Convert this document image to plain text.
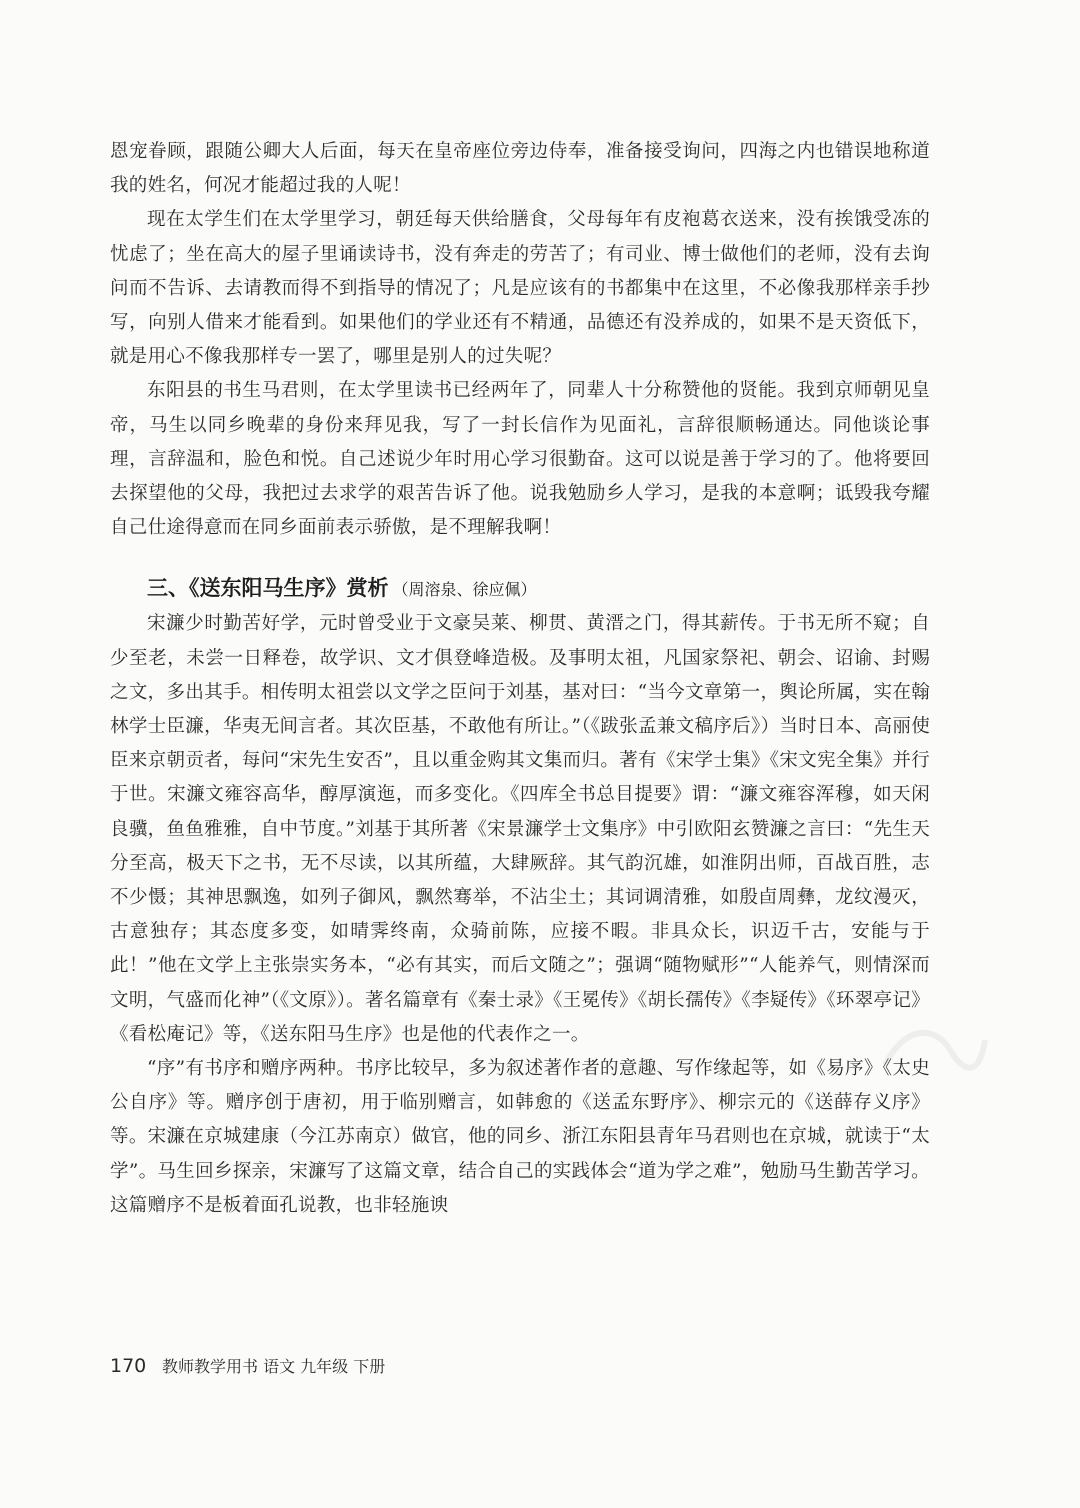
恩宠眷顾，跟随公卿大人后面，每天在皇帝座位旁边侍奉，准备接受询问，四海之内也错误地称道我的姓名，何况才能超过我的人呢！

现在太学生们在太学里学习，朝廷每天供给膳食，父母每年有皮袍葛衣送来，没有挨饿受冻的忧虑了；坐在高大的屋子里诵读诗书，没有奔走的劳苦了；有司业、博士做他们的老师，没有去询问而不告诉、去请教而得不到指导的情况了；凡是应该有的书都集中在这里，不必像我那样亲手抄写，向别人借来才能看到。如果他们的学业还有不精通，品德还有没养成的，如果不是天资低下，就是用心不像我那样专一罢了，哪里是别人的过失呢？

东阳县的书生马君则，在太学里读书已经两年了，同辈人十分称赞他的贤能。我到京师朝见皇帝，马生以同乡晚辈的身份来拜见我，写了一封长信作为见面礼，言辞很顺畅通达。同他谈论事理，言辞温和，脸色和悦。自己述说少年时用心学习很勤奋。这可以说是善于学习的了。他将要回去探望他的父母，我把过去求学的艰苦告诉了他。说我勉励乡人学习，是我的本意啊；诋毁我夸耀自己仕途得意而在同乡面前表示骄傲，是不理解我啊！

三、《送东阳马生序》赏析 （周溶泉、徐应佩）

宋濂少时勤苦好学，元时曾受业于文豪吴莱、柳贯、黄溍之门，得其薪传。于书无所不窥；自少至老，未尝一日释卷，故学识、文才俱登峰造极。及事明太祖，凡国家祭祀、朝会、诏谕、封赐之文，多出其手。相传明太祖尝以文学之臣问于刘基，基对曰：“当今文章第一，舆论所属，实在翰林学士臣濂，华夷无间言者。其次臣基，不敢他有所让。”（《跋张孟兼文稿序后》）当时日本、高丽使臣来京朝贡者，每问“宋先生安否”，且以重金购其文集而归。著有《宋学士集》《宋文宪全集》并行于世。宋濂文雍容高华，醇厚演迤，而多变化。《四库全书总目提要》谓：“濂文雍容浑穆，如天闲良骥，鱼鱼雅雅，自中节度。”刘基于其所著《宋景濂学士文集序》中引欧阳玄赞濂之言曰：“先生天分至高，极天下之书，无不尽读，以其所蕴，大肆厥辞。其气韵沉雄，如淮阴出师，百战百胜，志不少慑；其神思飘逸，如列子御风，飘然骞举，不沾尘土；其词调清雅，如殷卣周彝，龙纹漫灭，古意独存；其态度多变，如晴霁终南，众骑前陈，应接不暇。非具众长，识迈千古，安能与于此！”他在文学上主张崇实务本，“必有其实，而后文随之”；强调“随物赋形”“人能养气，则情深而文明，气盛而化神”（《文原》）。著名篇章有《秦士录》《王冕传》《胡长孺传》《李疑传》《环翠亭记》《看松庵记》等，《送东阳马生序》也是他的代表作之一。

“序”有书序和赠序两种。书序比较早，多为叙述著作者的意趣、写作缘起等，如《易序》《太史公自序》等。赠序创于唐初，用于临别赠言，如韩愈的《送孟东野序》、柳宗元的《送薛存义序》等。宋濂在京城建康（今江苏南京）做官，他的同乡、浙江东阳县青年马君则也在京城，就读于“太学”。马生回乡探亲，宋濂写了这篇文章，结合自己的实践体会“道为学之难”，勉励马生勤苦学习。这篇赠序不是板着面孔说教，也非轻施谀

170 教师教学用书 语文 九年级 下册
